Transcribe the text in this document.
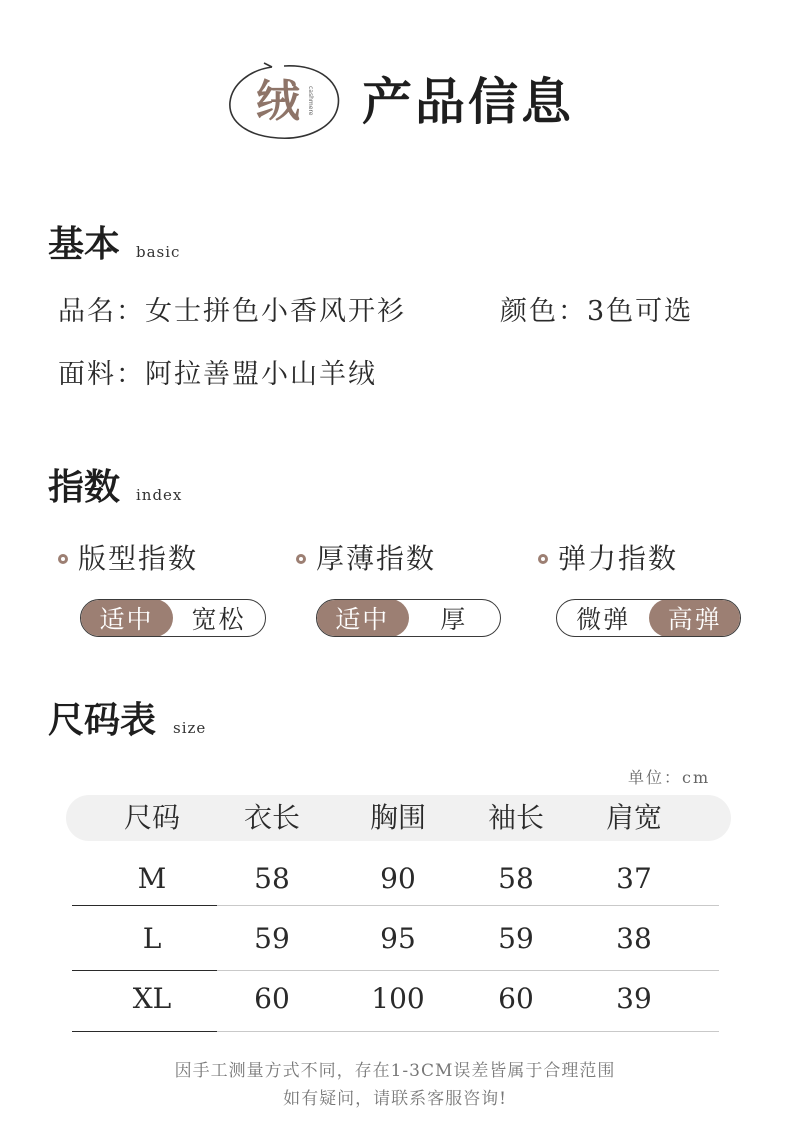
绒	cashmere 产品信息
基本 basic
品名：女士拼色小香风开衫	颜色：3色可选
面料：阿拉善盟小山羊绒
指数 index
版型指数
适中	宽松
厚薄指数
适中	厚
弹力指数
微弹	高弹
尺码表 size
单位：cm
尺码	衣长	胸围	袖长	肩宽
M	58	90	58	37
L	59	95	59	38
XL	60	100	60	39
因手工测量方式不同，存在1-3CM误差皆属于合理范围
如有疑问，请联系客服咨询!
